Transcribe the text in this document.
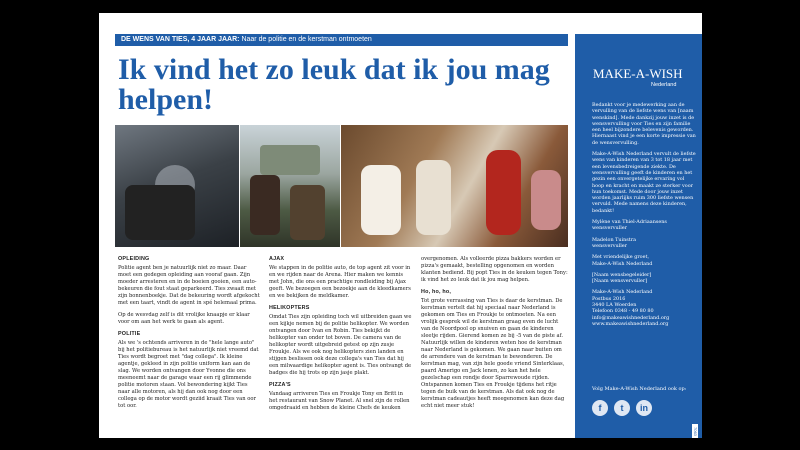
DE WENS VAN TIES, 4 JAAR JAAR: Naar de politie en de kerstman ontmoeten
Ik vind het zo leuk dat ik jou mag helpen!
OPLEIDING

Politie agent ben je natuurlijk niet zo maar. Daar moet een gedegen opleiding aan vooraf gaan. Zijn moeder arresteren en in de boeien gooien, een auto-bekeuren die fout staat geparkeerd. Ties zwaait met zijn bonnenboekje. Dat de bekeuring wordt afgekocht met een taart, vindt de agent in spé helemaal prima.

Op de wesvdag zelf is dit vrolijke knaapje er klaar voor om aan het werk te gaan als agent.

POLITIE

Als we 's ochtends arriveren in de "hele lange auto" bij het politiebureau is het natuurlijk niet vreemd dat Ties wordt begroet met "dag collega". Ik kleine agentje, gekleed in zijn politie uniform kan aan de slag. We worden ontvangen door Yvonne die ons meeneemt naar de garage waar een rij glimmende politie motoren staan. Vol bewondering kijkt Ties naar alle motoren, als hij dan ook nog door een collega op de motor wordt geziid kraait Ties van oor tot oor.

AJAX

We stappen in de politie auto, de top agent zit voor in en we rijden naar de Arena. Hier maken we kennis met John, die ons een prachtige rondleiding bij Ajax geeft. We bezoegen een bezoekje aan de kleedkamers en we bekijken de meldkamer.

HELIKOPTERS

Omdat Ties zijn opleiding toch wil uitbreiden gaan we een kijkje nemen bij de politie helikopter. We worden ontvangen door Ivan en Robin. Ties bekijkt de helikopter van onder tot boven. De camera van de helikopter wordt uitgebreid getest op zijn zusje Froukje. Als we ook nog helikopters zien landen en stijgen beslissen ook deze collega's van Ties dat hij een milwaardige helikopter agent is. Ties ontvangt de badges die hij trots op zijn jasje plakt.

PIZZA'S

Vandaag arriveren Ties en Froukje Tony en Britt in het restaurant van Snow Planet. Al snel zijn de rollen omgedraaid en hebben de kleine Chefs de keuken

overgenomen. Als volleerde pizza bakkers worden er pizza's gemaakt, bestelling opgenomen en worden klanten bediend. Bij popt Ties in de keuken tegen Tony: ik vind het zo leuk dat ik jou mag helpen.

Ho, ho, ho,

Tot grote verrassing van Ties is daar de kerstman. De kerstman vertelt dat hij speciaal naar Nederland is gekomen om Ties en Froukje te ontmoeten. Na een vrolijk gesprek wil de kerstman graag even de lucht van de Noordpool op snuiven en gaan de kinderen sleetje rijden. Gierend komen ze bij -5 van de piste af. Natuurlijk willen de kinderen weten hoe de kerstman naar Nederland is gekomen. We gaan naar buiten om de arrendere van de kerstman te bewonderen. De kerstman mag, van zijn hele goede vriend Sinterklaas, paard Amerigo en Jack lenen, zo kan het hele gezelschap een rondje door Sparrewoude rijden. Ontspannen komen Ties en Froukje tijdens het ritje tegen de buik van de kerstman. Als dat ook nog de kerstman cadeautjes heeft meegenomen kan deze dag echt niet meer stuk!

MAKE-A-WISH
Nederland

Bedankt voor je medewerking aan de vervulling van de liefste wens van [naam wenskind]. Mede dankzij jouw inzet is de wensvervulling voor Ties en zijn familie een heel bijzondere belevenis geworden. Hiernaast vind je een korte impressie van de wensvervulling.

Make-A-Wish Nederland vervult de liefste wens van kinderen van 3 tot 18 jaar met een levensbedreigende ziekte. De wensvervulling geeft de kinderen en het gezin een onvergetelijke ervaring vol hoop en kracht en maakt ze sterker voor hun toekomst. Mede door jouw inzet worden jaarlijks ruim 300 liefste wensen vervuld. Mede namens deze kinderen, bedankt!

Mylène van Thiel-Adriaansens
wensvervuller

Madelon Tuinstra
wensvervuller

Met vriendelijke groet,
Make-A-Wish Nederland

[Naam wensbegeleider]
[Naam wensvervuller]

Make-A-Wish Nederland
Postbus 2016
3440 LA Woerden
Telefoon 0348 - 49 80 80
info@makeawishnederland.org
www.makeawishnederland.org

Volg Make-A-Wish Nederland ook op:
f	t	in
7063
